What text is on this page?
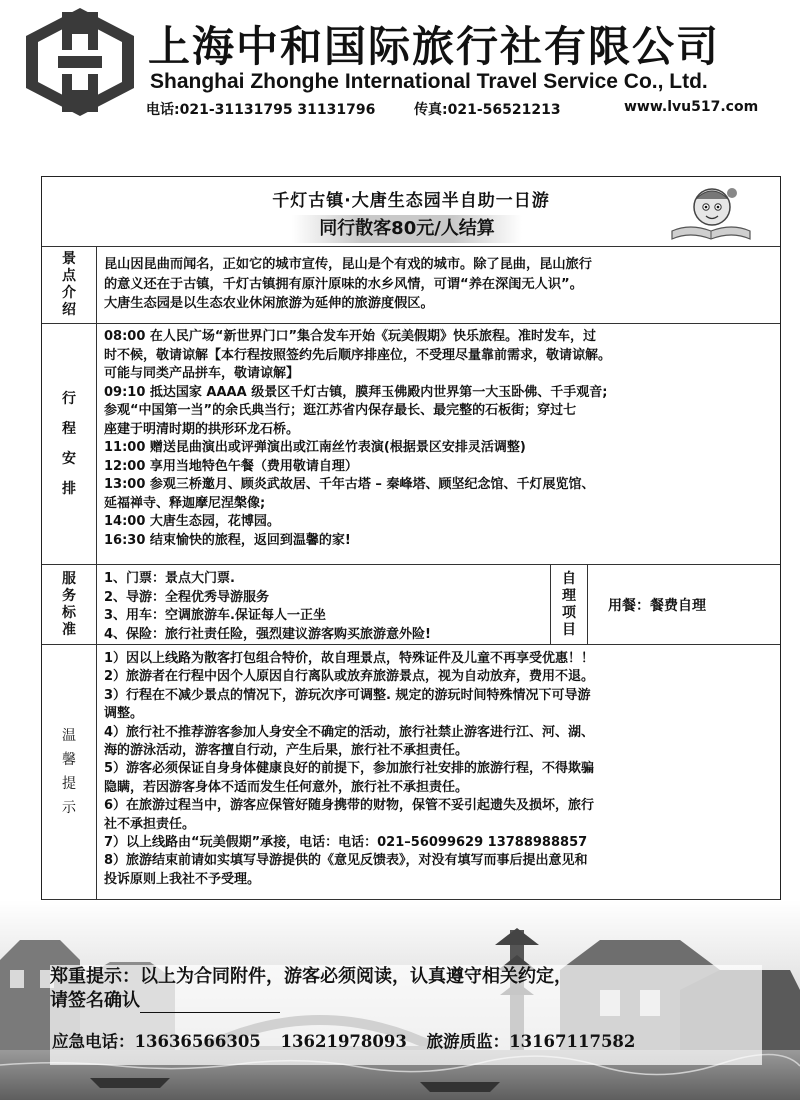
上海中和国际旅行社有限公司
Shanghai Zhonghe International Travel Service Co., Ltd.
电话:021-31131795 31131796	传真:021-56521213	www.lvu517.com
千灯古镇·大唐生态园半自助一日游
同行散客80元/人结算
景
点
介
绍

昆山因昆曲而闻名，正如它的城市宣传，昆山是个有戏的城市。除了昆曲，昆山旅行

的意义还在于古镇，千灯古镇拥有原汁原味的水乡风情，可谓“养在深闺无人识”。

大唐生态园是以生态农业休闲旅游为延伸的旅游度假区。

行
程
安
排

08:00 在人民广场“新世界门口”集合发车开始《玩美假期》快乐旅程。准时发车，过

时不候，敬请谅解【本行程按照签约先后顺序排座位，不受理尽量靠前需求，敬请谅解。

可能与同类产品拼车，敬请谅解】

09:10 抵达国家 AAAA 级景区千灯古镇，膜拜玉佛殿内世界第一大玉卧佛、千手观音;

参观“中国第一当”的余氏典当行；逛江苏省内保存最长、最完整的石板街；穿过七

座建于明清时期的拱形环龙石桥。

11:00 赠送昆曲演出或评弹演出或江南丝竹表演(根据景区安排灵活调整)

12:00 享用当地特色午餐（费用敬请自理）

13:00 参观三桥邀月、顾炎武故居、千年古塔 – 秦峰塔、顾坚纪念馆、千灯展览馆、

延福禅寺、释迦摩尼涅槃像;

14:00 大唐生态园，花博园。

16:30 结束愉快的旅程，返回到温馨的家!

服
务
标
准

1、门票：景点大门票.

2、导游：全程优秀导游服务

3、用车：空调旅游车.保证每人一正坐

4、保险：旅行社责任险，强烈建议游客购买旅游意外险!

自
理
项
目
用餐：餐费自理
温
馨
提
示

1）因以上线路为散客打包组合特价，故自理景点，特殊证件及儿童不再享受优惠！！

2）旅游者在行程中因个人原因自行离队或放弃旅游景点，视为自动放弃，费用不退。

3）行程在不减少景点的情况下，游玩次序可调整. 规定的游玩时间特殊情况下可导游

调整。

4）旅行社不推荐游客参加人身安全不确定的活动，旅行社禁止游客进行江、河、湖、

海的游泳活动，游客擅自行动，产生后果，旅行社不承担责任。

5）游客必须保证自身身体健康良好的前提下，参加旅行社安排的旅游行程，不得欺骗

隐瞒，若因游客身体不适而发生任何意外，旅行社不承担责任。

6）在旅游过程当中，游客应保管好随身携带的财物，保管不妥引起遗失及损坏，旅行

社不承担责任。

7）以上线路由“玩美假期”承接，电话：电话：021–56099629 13788988857

8）旅游结束前请如实填写导游提供的《意见反馈表》，对没有填写而事后提出意见和

投诉原则上我社不予受理。

郑重提示：以上为合同附件，游客必须阅读，认真遵守相关约定，

请签名确认

应急电话：13636566305 13621978093 旅游质监：13167117582
